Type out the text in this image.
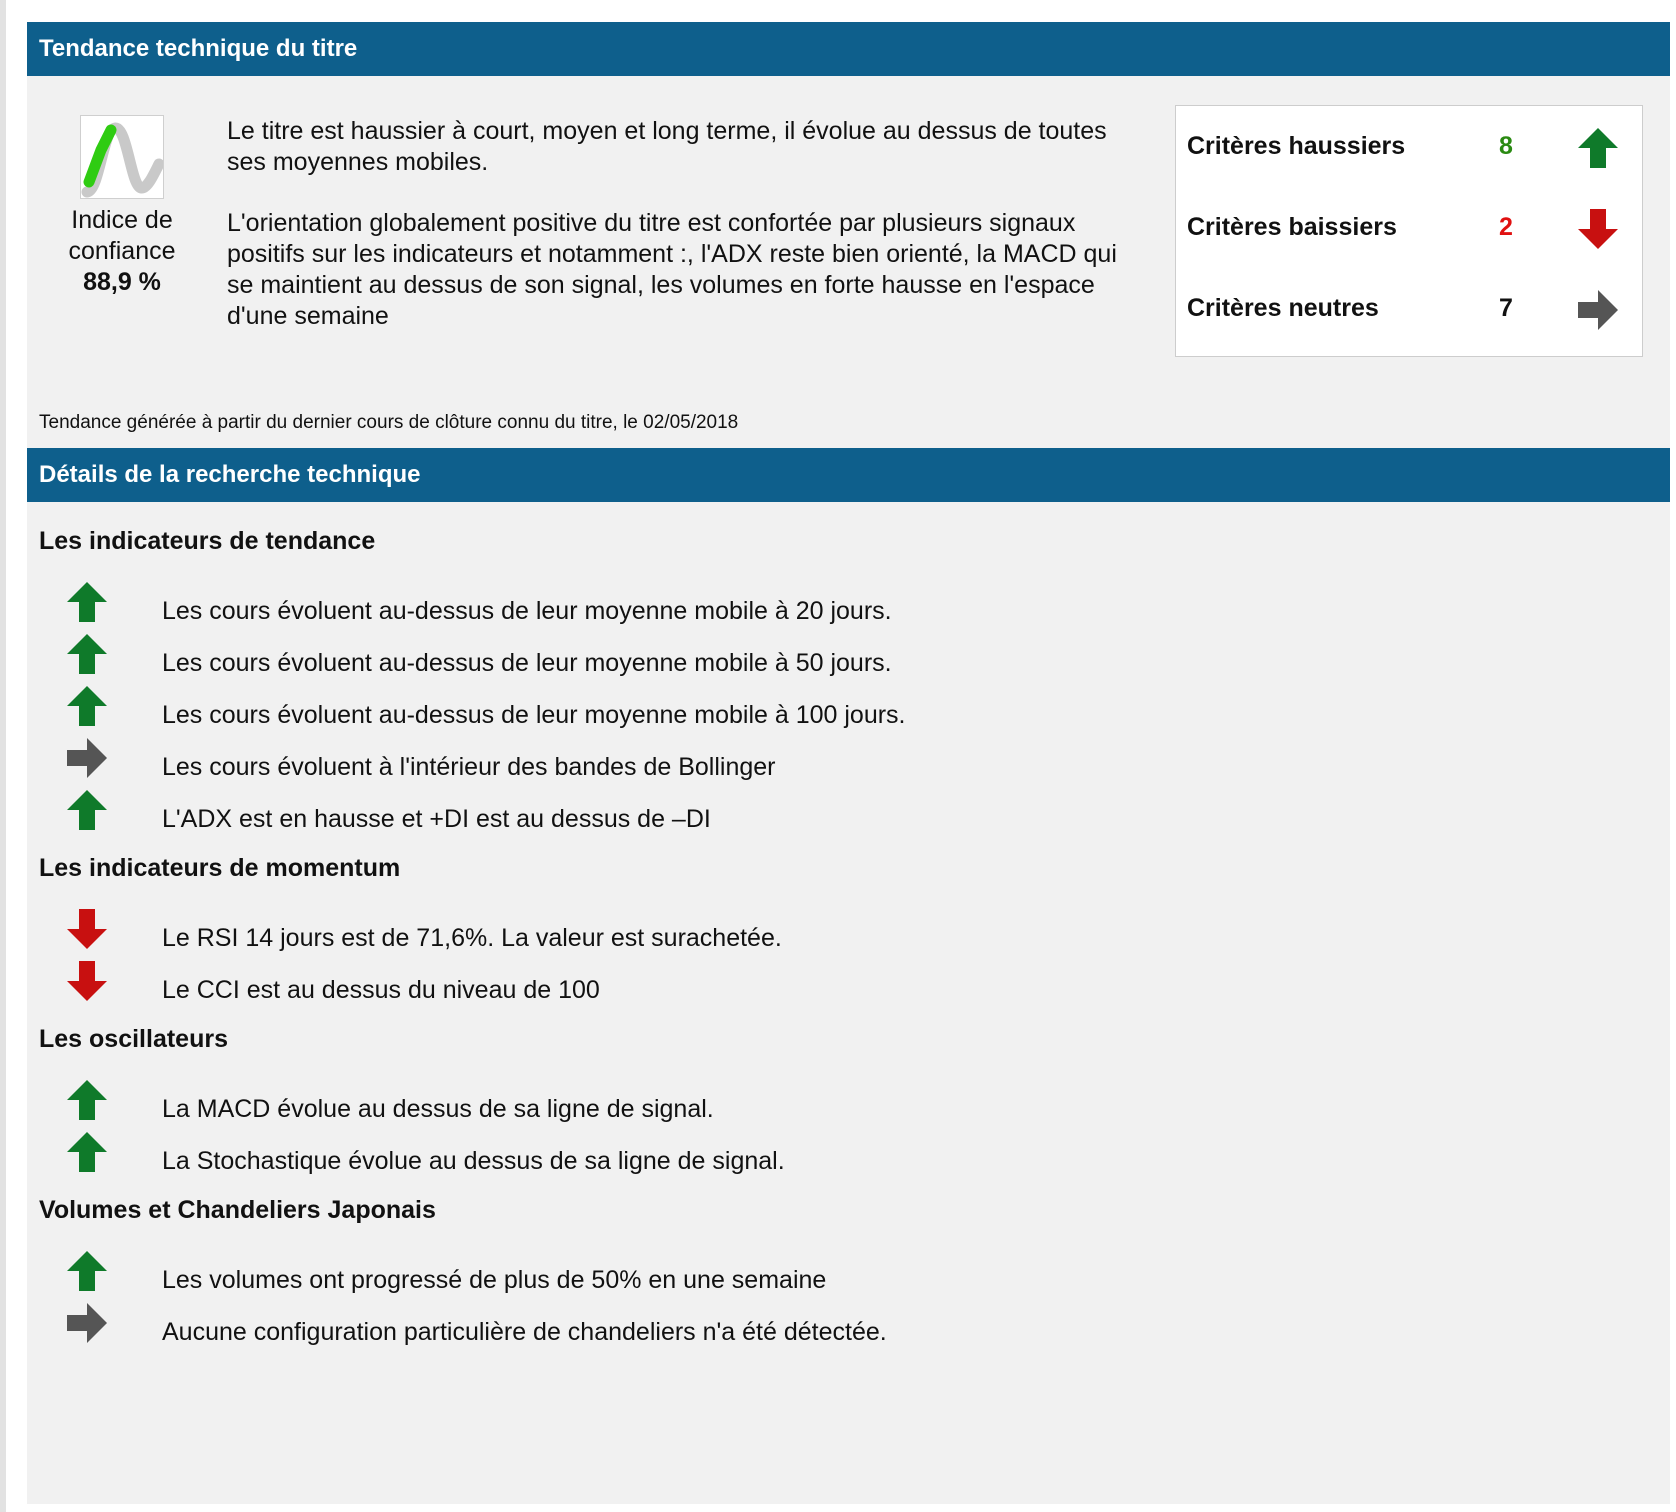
Tendance technique du titre
Indice de confiance
88,9 %

Le titre est haussier à court, moyen et long terme, il évolue au dessus de toutes ses moyennes mobiles.

L'orientation globalement positive du titre est confortée par plusieurs signaux positifs sur les indicateurs et notamment :, l'ADX reste bien orienté, la MACD qui se maintient au dessus de son signal, les volumes en forte hausse en l'espace d'une semaine

Critères haussiers	8
Critères baissiers	2
Critères neutres	7
Tendance générée à partir du dernier cours de clôture connu du titre, le 02/05/2018
Détails de la recherche technique
Les indicateurs de tendance
Les cours évoluent au-dessus de leur moyenne mobile à 20 jours.
Les cours évoluent au-dessus de leur moyenne mobile à 50 jours.
Les cours évoluent au-dessus de leur moyenne mobile à 100 jours.
Les cours évoluent à l'intérieur des bandes de Bollinger
L'ADX est en hausse et +DI est au dessus de –DI
Les indicateurs de momentum
Le RSI 14 jours est de 71,6%. La valeur est surachetée.
Le CCI est au dessus du niveau de 100
Les oscillateurs
La MACD évolue au dessus de sa ligne de signal.
La Stochastique évolue au dessus de sa ligne de signal.
Volumes et Chandeliers Japonais
Les volumes ont progressé de plus de 50% en une semaine
Aucune configuration particulière de chandeliers n'a été détectée.
